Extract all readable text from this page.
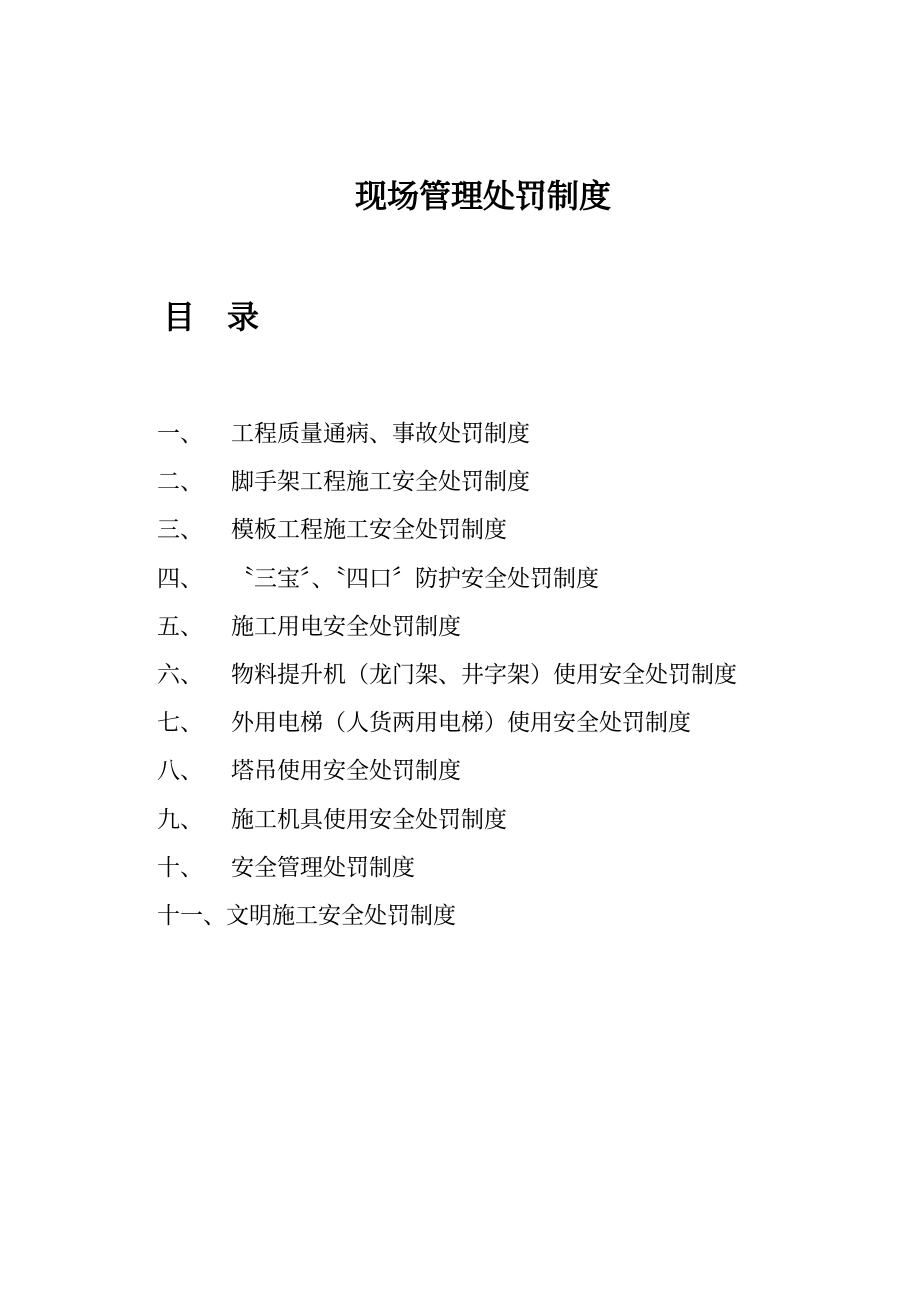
现场管理处罚制度
目　录
一、	工程质量通病、事故处罚制度
二、	脚手架工程施工安全处罚制度
三、	模板工程施工安全处罚制度
四、	〝三宝〞、〝四口〞防护安全处罚制度
五、	施工用电安全处罚制度
六、	物料提升机（龙门架、井字架）使用安全处罚制度
七、	外用电梯（人货两用电梯）使用安全处罚制度
八、	塔吊使用安全处罚制度
九、	施工机具使用安全处罚制度
十、	安全管理处罚制度
十一、 文明施工安全处罚制度
